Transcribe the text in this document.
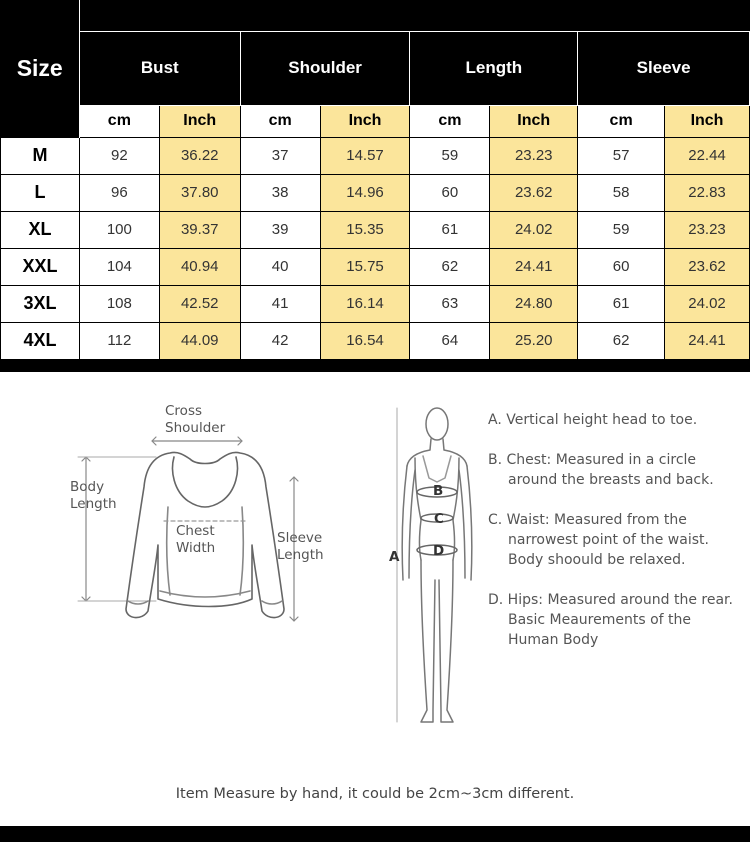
Size								
	Bust		Shoulder		Length		Sleeve	
	cm	Inch	cm	Inch	cm	Inch	cm	Inch
M	92	36.22	37	14.57	59	23.23	57	22.44
L	96	37.80	38	14.96	60	23.62	58	22.83
XL	100	39.37	39	15.35	61	24.02	59	23.23
XXL	104	40.94	40	15.75	62	24.41	60	23.62
3XL	108	42.52	41	16.14	63	24.80	61	24.02
4XL	112	44.09	42	16.54	64	25.20	62	24.41
Cross
Shoulder
Body
Length
Chest
Width
Sleeve
Length	A
B
C
D

A. Vertical height head to toe.

B. Chest: Measured in a circle around the breasts and back.

C. Waist: Measured from the narrowest point of the waist. Body shoould be relaxed.

D. Hips: Measured around the rear. Basic Meaurements of the Human Body

Item Measure by hand, it could be 2cm~3cm different.
